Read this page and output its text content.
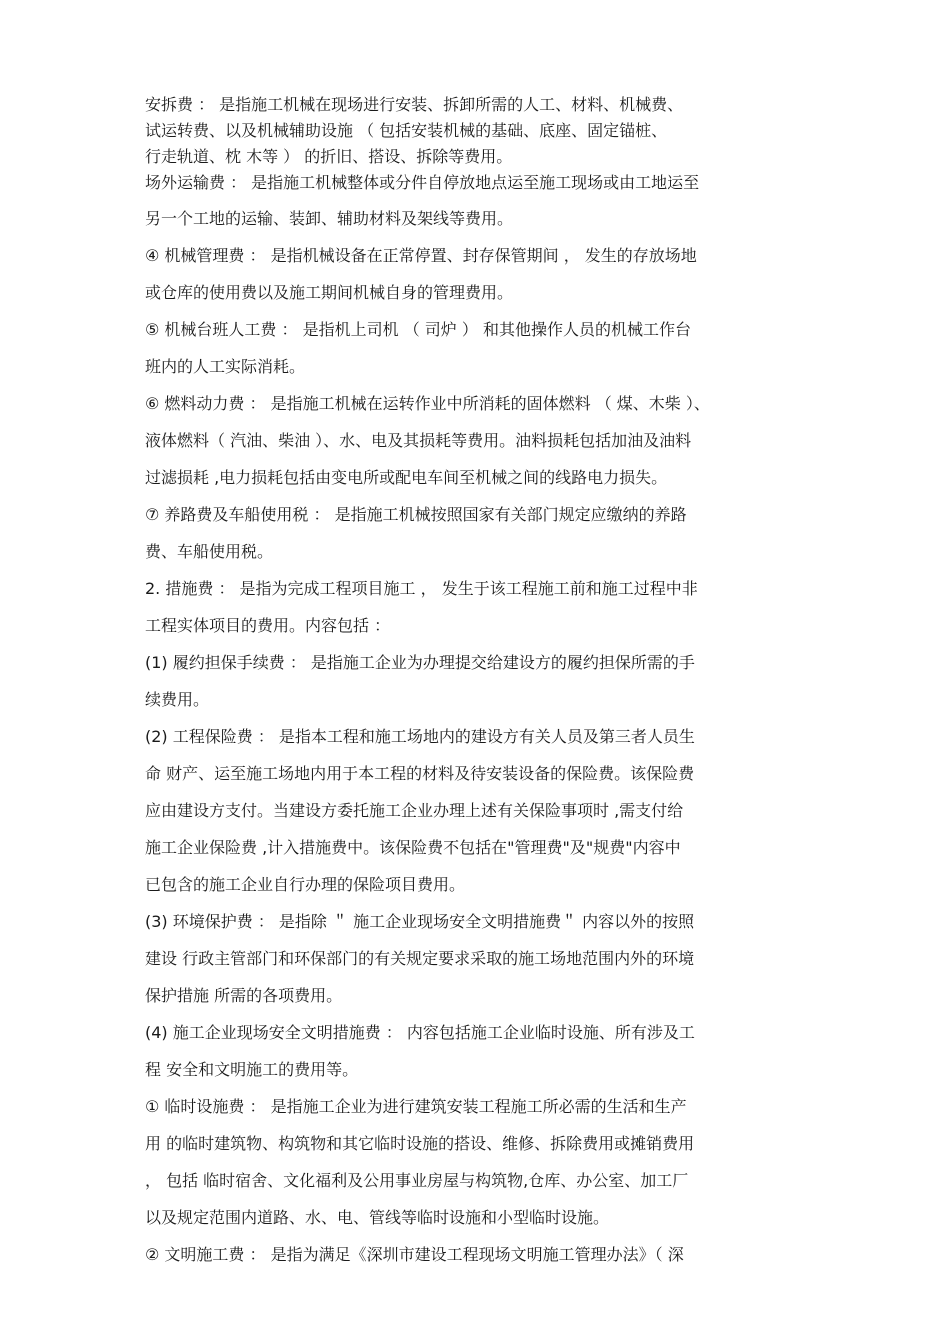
安拆费 ： 是指施工机械在现场进行安装、拆卸所需的人工、材料、机械费、
试运转费、以及机械辅助设施 （ 包括安装机械的基础、底座、固定锚桩、
行走轨道、枕 木等 ） 的折旧、搭设、拆除等费用。
场外运输费 ： 是指施工机械整体或分件自停放地点运至施工现场或由工地运至
另一个工地的运输、装卸、辅助材料及架线等费用。
④ 机械管理费 ： 是指机械设备在正常停置、封存保管期间 ， 发生的存放场地
或仓库的使用费以及施工期间机械自身的管理费用。
⑤ 机械台班人工费 ： 是指机上司机 （ 司炉 ） 和其他操作人员的机械工作台
班内的人工实际消耗。
⑥ 燃料动力费 ： 是指施工机械在运转作业中所消耗的固体燃料 （ 煤、木柴 ）、
液体燃料（ 汽油、柴油 ）、水、电及其损耗等费用。油料损耗包括加油及油料
过滤损耗 ,电力损耗包括由变电所或配电车间至机械之间的线路电力损失。
⑦ 养路费及车船使用税 ： 是指施工机械按照国家有关部门规定应缴纳的养路
费、车船使用税。
2. 措施费 ： 是指为完成工程项目施工 ， 发生于该工程施工前和施工过程中非
工程实体项目的费用。内容包括 ：
(1) 履约担保手续费 ： 是指施工企业为办理提交给建设方的履约担保所需的手
续费用。
(2) 工程保险费 ： 是指本工程和施工场地内的建设方有关人员及第三者人员生
命 财产、运至施工场地内用于本工程的材料及待安装设备的保险费。该保险费
应由建设方支付。当建设方委托施工企业办理上述有关保险事项时 ,需支付给
施工企业保险费 ,计入措施费中。该保险费不包括在"管理费"及"规费"内容中
已包含的施工企业自行办理的保险项目费用。
(3) 环境保护费 ： 是指除 ＂ 施工企业现场安全文明措施费＂ 内容以外的按照
建设 行政主管部门和环保部门的有关规定要求采取的施工场地范围内外的环境
保护措施 所需的各项费用。
(4) 施工企业现场安全文明措施费 ： 内容包括施工企业临时设施、所有涉及工
程 安全和文明施工的费用等。
① 临时设施费 ： 是指施工企业为进行建筑安装工程施工所必需的生活和生产
用 的临时建筑物、构筑物和其它临时设施的搭设、维修、拆除费用或摊销费用
， 包括 临时宿舍、文化福利及公用事业房屋与构筑物,仓库、办公室、加工厂
以及规定范围内道路、水、电、管线等临时设施和小型临时设施。
② 文明施工费 ： 是指为满足《深圳市建设工程现场文明施工管理办法》（ 深
